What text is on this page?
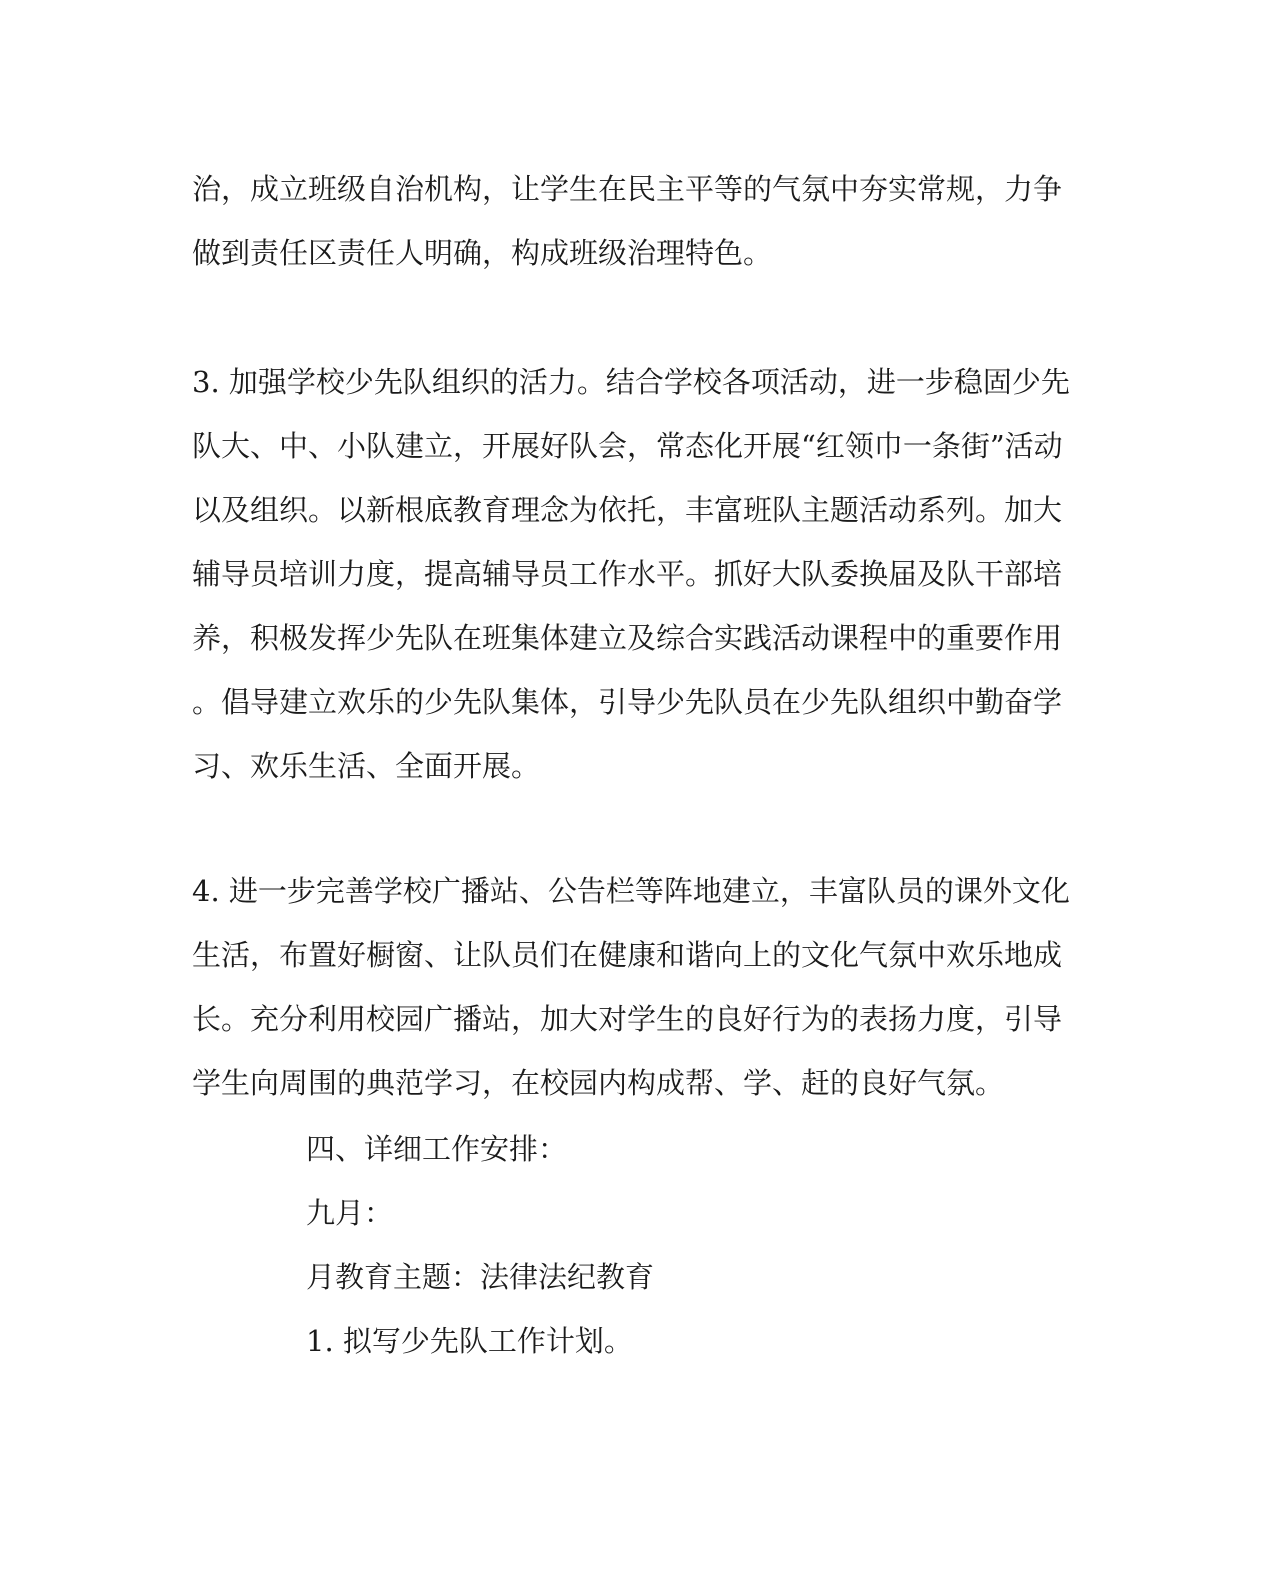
治，成立班级自治机构，让学生在民主平等的气氛中夯实常规，力争
做到责任区责任人明确，构成班级治理特色。
3. 加强学校少先队组织的活力。结合学校各项活动，进一步稳固少先
队大、中、小队建立，开展好队会，常态化开展“红领巾一条街”活动
以及组织。以新根底教育理念为依托，丰富班队主题活动系列。加大
辅导员培训力度，提高辅导员工作水平。抓好大队委换届及队干部培
养，积极发挥少先队在班集体建立及综合实践活动课程中的重要作用
。倡导建立欢乐的少先队集体，引导少先队员在少先队组织中勤奋学
习、欢乐生活、全面开展。
4. 进一步完善学校广播站、公告栏等阵地建立，丰富队员的课外文化
生活，布置好橱窗、让队员们在健康和谐向上的文化气氛中欢乐地成
长。充分利用校园广播站，加大对学生的良好行为的表扬力度，引导
学生向周围的典范学习，在校园内构成帮、学、赶的良好气氛。
四、详细工作安排：
九月：
月教育主题：法律法纪教育
1. 拟写少先队工作计划。
